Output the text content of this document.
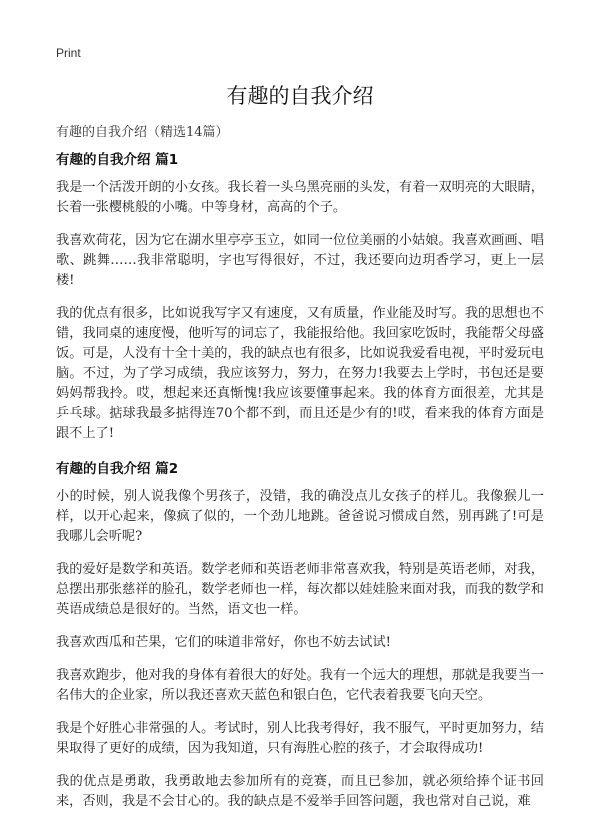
Print
有趣的自我介绍

有趣的自我介绍（精选14篇）

有趣的自我介绍 篇1

我是一个活泼开朗的小女孩。我长着一头乌黑亮丽的头发，有着一双明亮的大眼睛，长着一张樱桃般的小嘴。中等身材，高高的个子。

我喜欢荷花，因为它在湖水里亭亭玉立，如同一位位美丽的小姑娘。我喜欢画画、唱歌、跳舞……我非常聪明，字也写得很好，不过，我还要向边玥香学习，更上一层楼!

我的优点有很多，比如说我写字又有速度，又有质量，作业能及时写。我的思想也不错，我同桌的速度慢，他听写的词忘了，我能报给他。我回家吃饭时，我能帮父母盛饭。可是，人没有十全十美的，我的缺点也有很多，比如说我爱看电视，平时爱玩电脑。不过，为了学习成绩，我应该努力，努力，在努力!我要去上学时，书包还是要妈妈帮我拎。哎，想起来还真惭愧!我应该要懂事起来。我的体育方面很差，尤其是乒乓球。掂球我最多掂得连70个都不到，而且还是少有的!哎，看来我的体育方面是跟不上了!

有趣的自我介绍 篇2

小的时候，别人说我像个男孩子，没错，我的确没点儿女孩子的样儿。我像猴儿一样，以开心起来，像疯了似的，一个劲儿地跳。爸爸说习惯成自然，别再跳了!可是我哪儿会听呢?

我的爱好是数学和英语。数学老师和英语老师非常喜欢我，特别是英语老师，对我，总摆出那张慈祥的脸孔，数学老师也一样，每次都以娃娃脸来面对我，而我的数学和英语成绩总是很好的。当然，语文也一样。

我喜欢西瓜和芒果，它们的味道非常好，你也不妨去试试!

我喜欢跑步，他对我的身体有着很大的好处。我有一个远大的理想，那就是我要当一名伟大的企业家，所以我还喜欢天蓝色和银白色，它代表着我要飞向天空。

我是个好胜心非常强的人。考试时，别人比我考得好，我不服气，平时更加努力，结果取得了更好的成绩，因为我知道，只有海胜心腔的孩子，才会取得成功!

我的优点是勇敢，我勇敢地去参加所有的竞赛，而且已参加，就必须给捧个证书回来，否则，我是不会甘心的。我的缺点是不爱举手回答问题，我也常对自己说，难
